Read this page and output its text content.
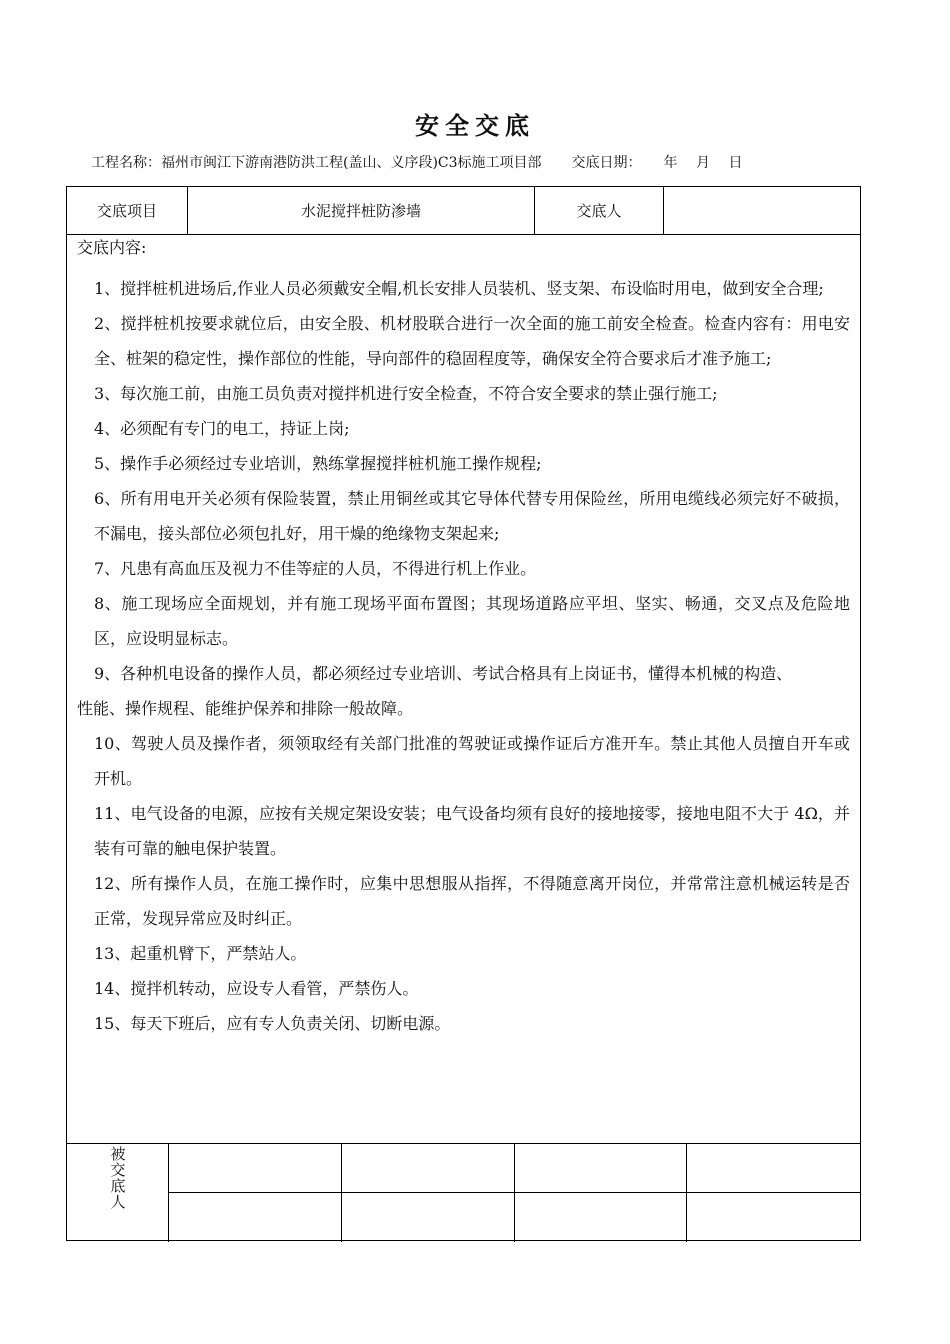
安全交底
工程名称：福州市闽江下游南港防洪工程(盖山、义序段)C3标施工项目部 交底日期： 年 月 日
交底项目	水泥搅拌桩防渗墙	交底人
交底内容:

1、搅拌桩机进场后,作业人员必须戴安全帽,机长安排人员装机、竖支架、布设临时用电，做到安全合理;

2、搅拌桩机按要求就位后，由安全股、机材股联合进行一次全面的施工前安全检查。检查内容有：用电安全、桩架的稳定性，操作部位的性能，导向部件的稳固程度等，确保安全符合要求后才准予施工;

3、每次施工前，由施工员负责对搅拌机进行安全检查，不符合安全要求的禁止强行施工;

4、必须配有专门的电工，持证上岗;

5、操作手必须经过专业培训，熟练掌握搅拌桩机施工操作规程;

6、所有用电开关必须有保险装置，禁止用铜丝或其它导体代替专用保险丝，所用电缆线必须完好不破损，不漏电，接头部位必须包扎好，用干燥的绝缘物支架起来;

7、凡患有高血压及视力不佳等症的人员，不得进行机上作业。

8、施工现场应全面规划，并有施工现场平面布置图；其现场道路应平坦、坚实、畅通，交叉点及危险地区，应设明显标志。

9、各种机电设备的操作人员，都必须经过专业培训、考试合格具有上岗证书，懂得本机械的构造、

性能、操作规程、能维护保养和排除一般故障。

10、驾驶人员及操作者，须领取经有关部门批准的驾驶证或操作证后方准开车。禁止其他人员擅自开车或开机。

11、电气设备的电源，应按有关规定架设安装；电气设备均须有良好的接地接零，接地电阻不大于 4Ω，并装有可靠的触电保护装置。

12、所有操作人员，在施工操作时，应集中思想服从指挥，不得随意离开岗位，并常常注意机械运转是否正常，发现异常应及时纠正。

13、起重机臂下，严禁站人。

14、搅拌机转动，应设专人看管，严禁伤人。

15、每天下班后，应有专人负责关闭、切断电源。

被交底人
